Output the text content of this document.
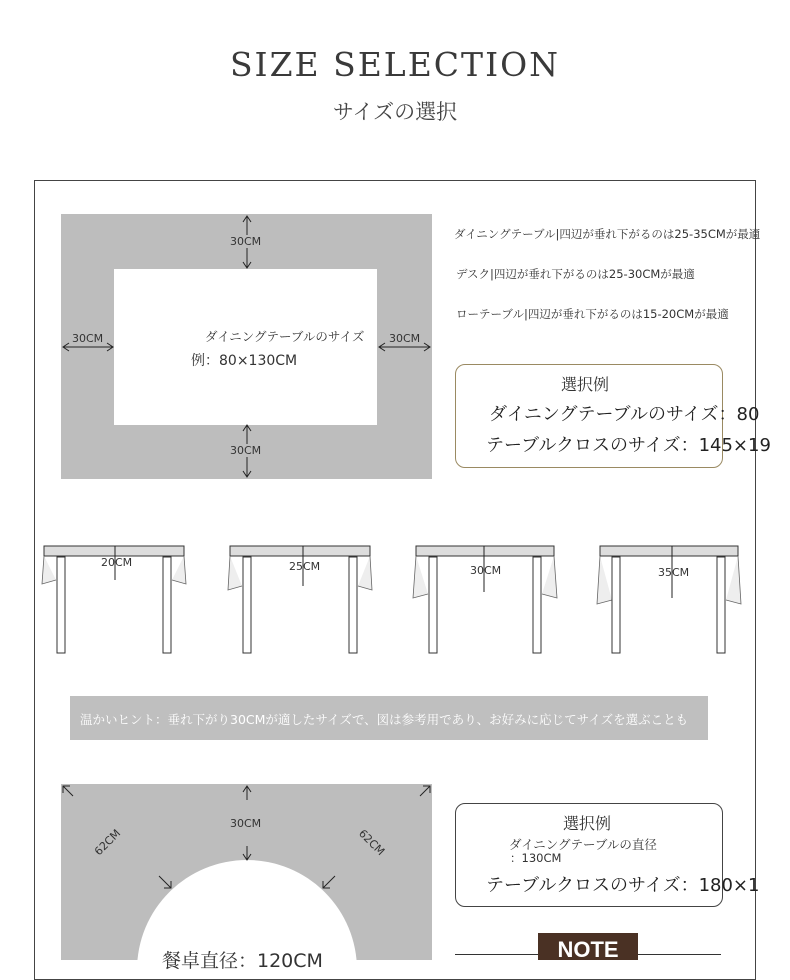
SIZE SELECTION
サイズの選択
30CM
30CM
30CM	30CM
ダイニングテーブルのサイズ
例：80×130CM
ダイニングテーブル|四辺が垂れ下がるのは25-35CMが最適
デスク|四辺が垂れ下がるのは25-30CMが最適
ローテーブル|四辺が垂れ下がるのは15-20CMが最適
選択例
ダイニングテーブルのサイズ：80
テーブルクロスのサイズ：145×19
20CM	25CM	30CM	35CM
温かいヒント：垂れ下がり30CMが適したサイズで、図は参考用であり、お好みに応じてサイズを選ぶことも
30CM
62CM	62CM
餐卓直径：120CM
選択例
ダイニングテーブルの直径
：130CM
テーブルクロスのサイズ：180×1
NOTE
